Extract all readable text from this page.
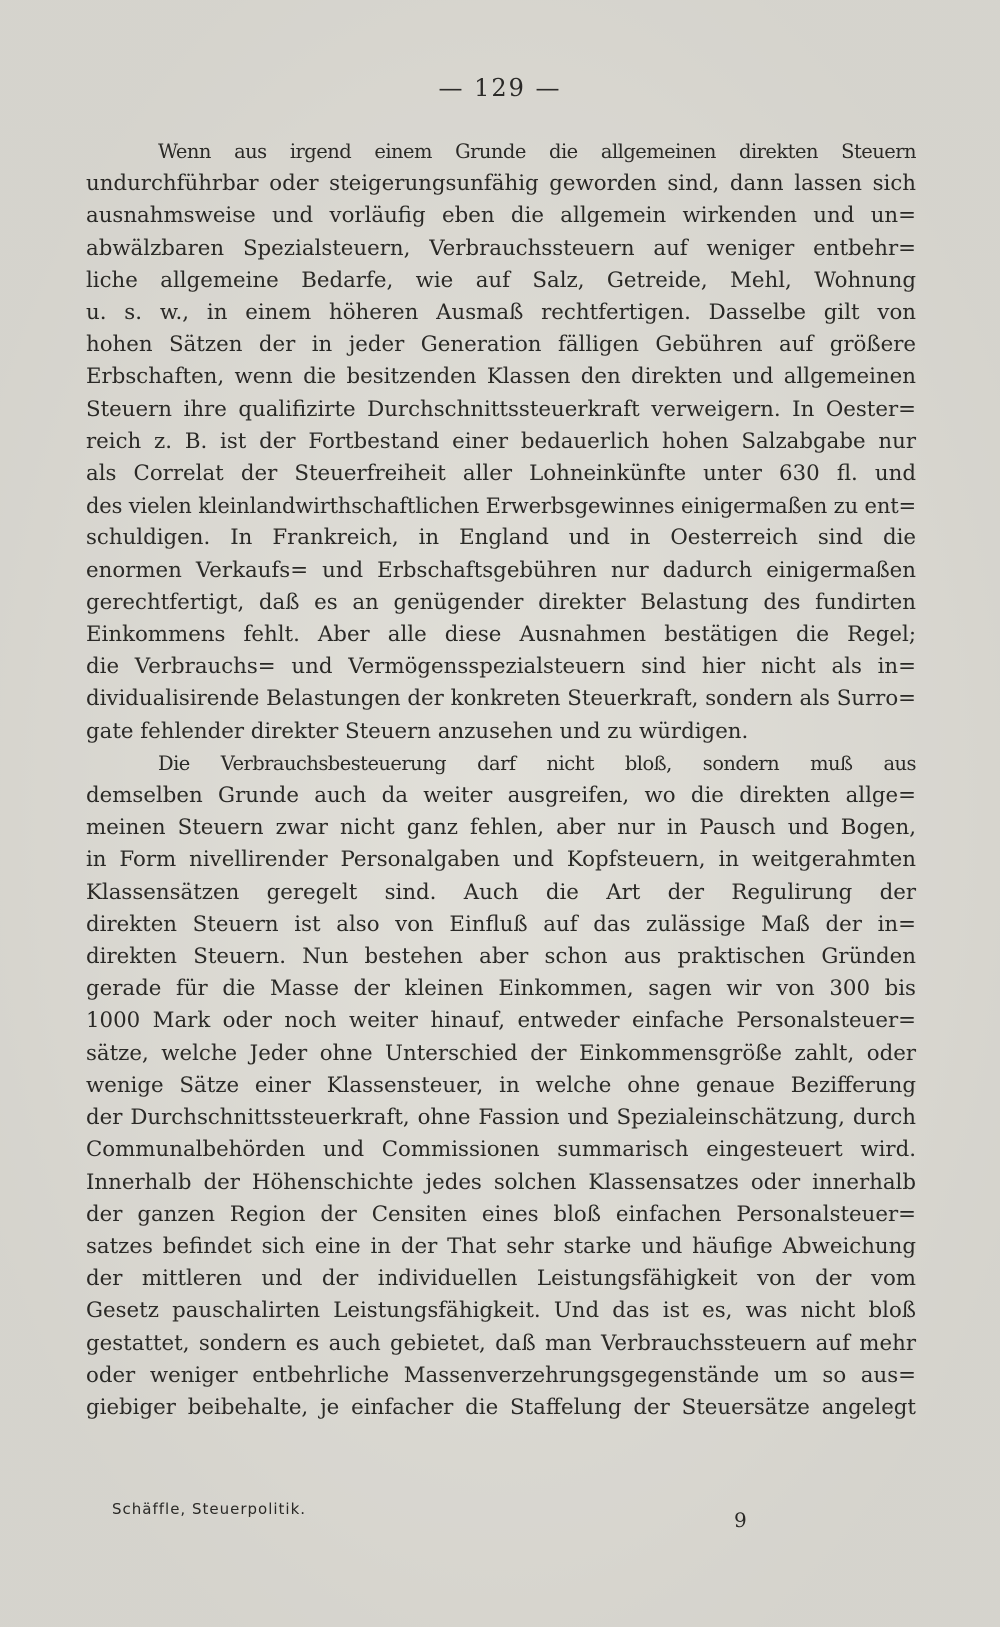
— 129 —
Wenn aus irgend einem Grunde die allgemeinen direkten Steuern
undurchführbar oder steigerungsunfähig geworden sind, dann lassen sich
ausnahmsweise und vorläufig eben die allgemein wirkenden und un=
abwälzbaren Spezialsteuern, Verbrauchssteuern auf weniger entbehr=
liche allgemeine Bedarfe, wie auf Salz, Getreide, Mehl, Wohnung
u. s. w., in einem höheren Ausmaß rechtfertigen. Dasselbe gilt von
hohen Sätzen der in jeder Generation fälligen Gebühren auf größere
Erbschaften, wenn die besitzenden Klassen den direkten und allgemeinen
Steuern ihre qualifizirte Durchschnittssteuerkraft verweigern. In Oester=
reich z. B. ist der Fortbestand einer bedauerlich hohen Salzabgabe nur
als Correlat der Steuerfreiheit aller Lohneinkünfte unter 630 fl. und
des vielen kleinlandwirthschaftlichen Erwerbsgewinnes einigermaßen zu ent=
schuldigen. In Frankreich, in England und in Oesterreich sind die
enormen Verkaufs= und Erbschaftsgebühren nur dadurch einigermaßen
gerechtfertigt, daß es an genügender direkter Belastung des fundirten
Einkommens fehlt. Aber alle diese Ausnahmen bestätigen die Regel;
die Verbrauchs= und Vermögensspezialsteuern sind hier nicht als in=
dividualisirende Belastungen der konkreten Steuerkraft, sondern als Surro=
gate fehlender direkter Steuern anzusehen und zu würdigen.
Die Verbrauchsbesteuerung darf nicht bloß, sondern muß aus
demselben Grunde auch da weiter ausgreifen, wo die direkten allge=
meinen Steuern zwar nicht ganz fehlen, aber nur in Pausch und Bogen,
in Form nivellirender Personalgaben und Kopfsteuern, in weitgerahmten
Klassensätzen geregelt sind. Auch die Art der Regulirung der
direkten Steuern ist also von Einfluß auf das zulässige Maß der in=
direkten Steuern. Nun bestehen aber schon aus praktischen Gründen
gerade für die Masse der kleinen Einkommen, sagen wir von 300 bis
1000 Mark oder noch weiter hinauf, entweder einfache Personalsteuer=
sätze, welche Jeder ohne Unterschied der Einkommensgröße zahlt, oder
wenige Sätze einer Klassensteuer, in welche ohne genaue Bezifferung
der Durchschnittssteuerkraft, ohne Fassion und Spezialeinschätzung, durch
Communalbehörden und Commissionen summarisch eingesteuert wird.
Innerhalb der Höhenschichte jedes solchen Klassensatzes oder innerhalb
der ganzen Region der Censiten eines bloß einfachen Personalsteuer=
satzes befindet sich eine in der That sehr starke und häufige Abweichung
der mittleren und der individuellen Leistungsfähigkeit von der vom
Gesetz pauschalirten Leistungsfähigkeit. Und das ist es, was nicht bloß
gestattet, sondern es auch gebietet, daß man Verbrauchssteuern auf mehr
oder weniger entbehrliche Massenverzehrungsgegenstände um so aus=
giebiger beibehalte, je einfacher die Staffelung der Steuersätze angelegt
Schäffle, Steuerpolitik.	9
